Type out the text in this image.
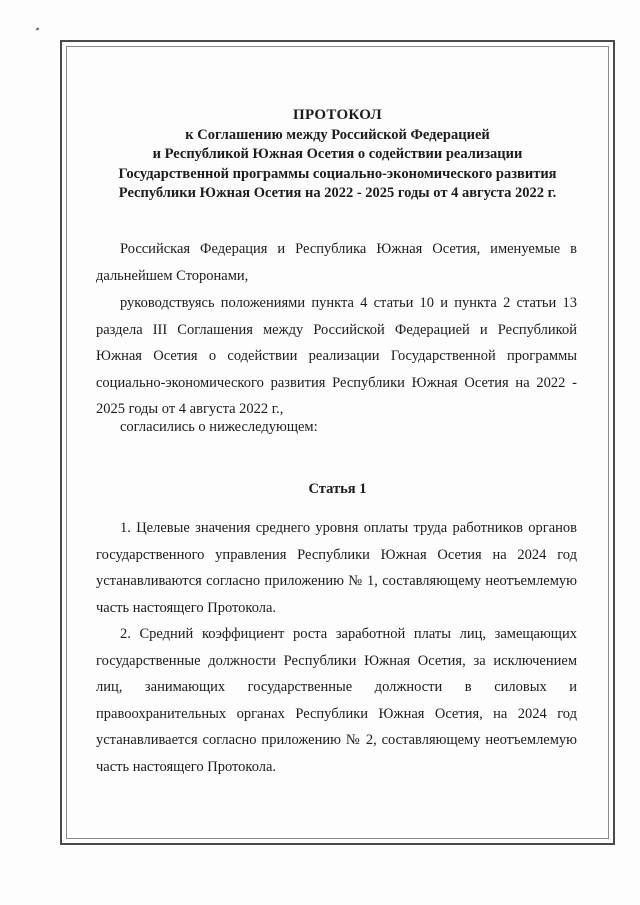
ПРОТОКОЛ
к Соглашению между Российской Федерацией
и Республикой Южная Осетия о содействии реализации
Государственной программы социально-экономического развития
Республики Южная Осетия на 2022 - 2025 годы от 4 августа 2022 г.
Российская Федерация и Республика Южная Осетия, именуемые в дальнейшем Сторонами,
руководствуясь положениями пункта 4 статьи 10 и пункта 2 статьи 13 раздела III Соглашения между Российской Федерацией и Республикой Южная Осетия о содействии реализации Государственной программы социально-экономического развития Республики Южная Осетия на 2022 - 2025 годы от 4 августа 2022 г.,
согласились о нижеследующем:
Статья 1
1. Целевые значения среднего уровня оплаты труда работников органов государственного управления Республики Южная Осетия на 2024 год устанавливаются согласно приложению № 1, составляющему неотъемлемую часть настоящего Протокола.
2. Средний коэффициент роста заработной платы лиц, замещающих государственные должности Республики Южная Осетия, за исключением лиц, занимающих государственные должности в силовых и правоохранительных органах Республики Южная Осетия, на 2024 год устанавливается согласно приложению № 2, составляющему неотъемлемую часть настоящего Протокола.
